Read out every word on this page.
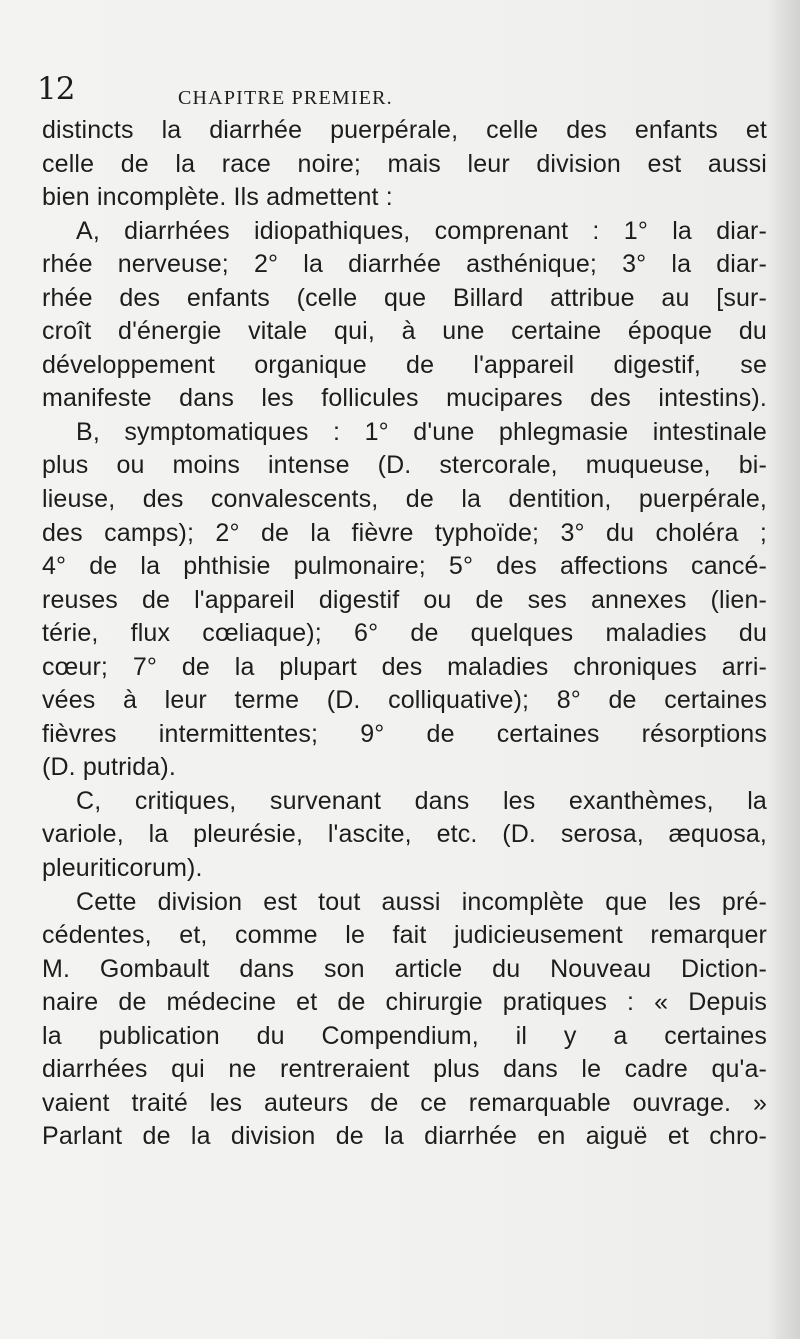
12	CHAPITRE PREMIER.
distincts la diarrhée puerpérale, celle des enfants et
celle de la race noire; mais leur division est aussi
bien incomplète. Ils admettent :
A, diarrhées idiopathiques, comprenant : 1° la diar-
rhée nerveuse; 2° la diarrhée asthénique; 3° la diar-
rhée des enfants (celle que Billard attribue au [sur-
croît d'énergie vitale qui, à une certaine époque du
développement organique de l'appareil digestif, se
manifeste dans les follicules mucipares des intestins).
B, symptomatiques : 1° d'une phlegmasie intestinale
plus ou moins intense (D. stercorale, muqueuse, bi-
lieuse, des convalescents, de la dentition, puerpérale,
des camps); 2° de la fièvre typhoïde; 3° du choléra ;
4° de la phthisie pulmonaire; 5° des affections cancé-
reuses de l'appareil digestif ou de ses annexes (lien-
térie, flux cœliaque); 6° de quelques maladies du
cœur; 7° de la plupart des maladies chroniques arri-
vées à leur terme (D. colliquative); 8° de certaines
fièvres intermittentes; 9° de certaines résorptions
(D. putrida).
C, critiques, survenant dans les exanthèmes, la
variole, la pleurésie, l'ascite, etc. (D. serosa, æquosa,
pleuriticorum).
Cette division est tout aussi incomplète que les pré-
cédentes, et, comme le fait judicieusement remarquer
M. Gombault dans son article du Nouveau Diction-
naire de médecine et de chirurgie pratiques : « Depuis
la publication du Compendium, il y a certaines
diarrhées qui ne rentreraient plus dans le cadre qu'a-
vaient traité les auteurs de ce remarquable ouvrage. »
Parlant de la division de la diarrhée en aiguë et chro-
